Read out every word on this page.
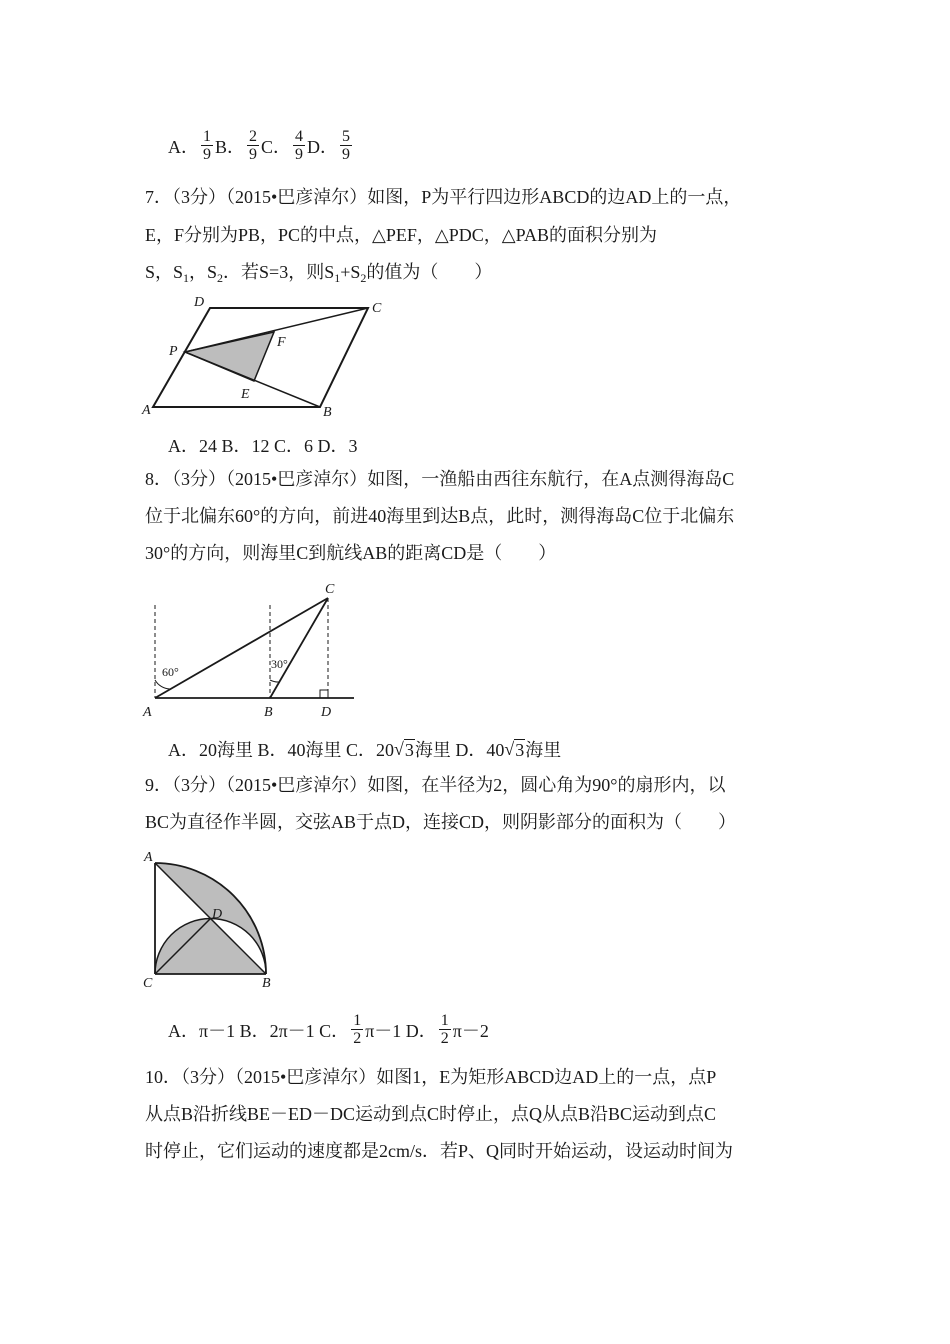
A． $\frac{1}{9}$ B． $\frac{2}{9}$ C． $\frac{4}{9}$ D． $\frac{5}{9}$
7．（3分）（2015•巴彦淖尔）如图，P为平行四边形ABCD的边AD上的一点，
E，F分别为PB，PC的中点，△PEF，△PDC，△PAB的面积分别为
S，$S_1$，$S_2$．若S=3，则$S_1+S_2$的值为（　　）
D	C
P
F
E
A	B
A．24 B．12 C．6 D．3
8．（3分）（2015•巴彦淖尔）如图，一渔船由西往东航行，在A点测得海岛C
位于北偏东60°的方向，前进40海里到达B点，此时，测得海岛C位于北偏东
30°的方向，则海里C到航线AB的距离CD是（　　）
60°
30°
C
A	B	D
A．20海里 B．40海里 C．20 √ 3 海里 D．40 √ 3 海里
9．（3分）（2015•巴彦淖尔）如图，在半径为2，圆心角为90°的扇形内，以
BC为直径作半圆，交弦AB于点D，连接CD，则阴影部分的面积为（　　）
A
D
C	B
A．π－1 B．2π－1 C． $\frac{1}{2} \pi-1$ D． $\frac{1}{2} \pi-2$
10．（3分）（2015•巴彦淖尔）如图1，E为矩形ABCD边AD上的一点，点P
从点B沿折线BE－ED－DC运动到点C时停止，点Q从点B沿BC运动到点C
时停止，它们运动的速度都是2cm/s．若P、Q同时开始运动，设运动时间为
